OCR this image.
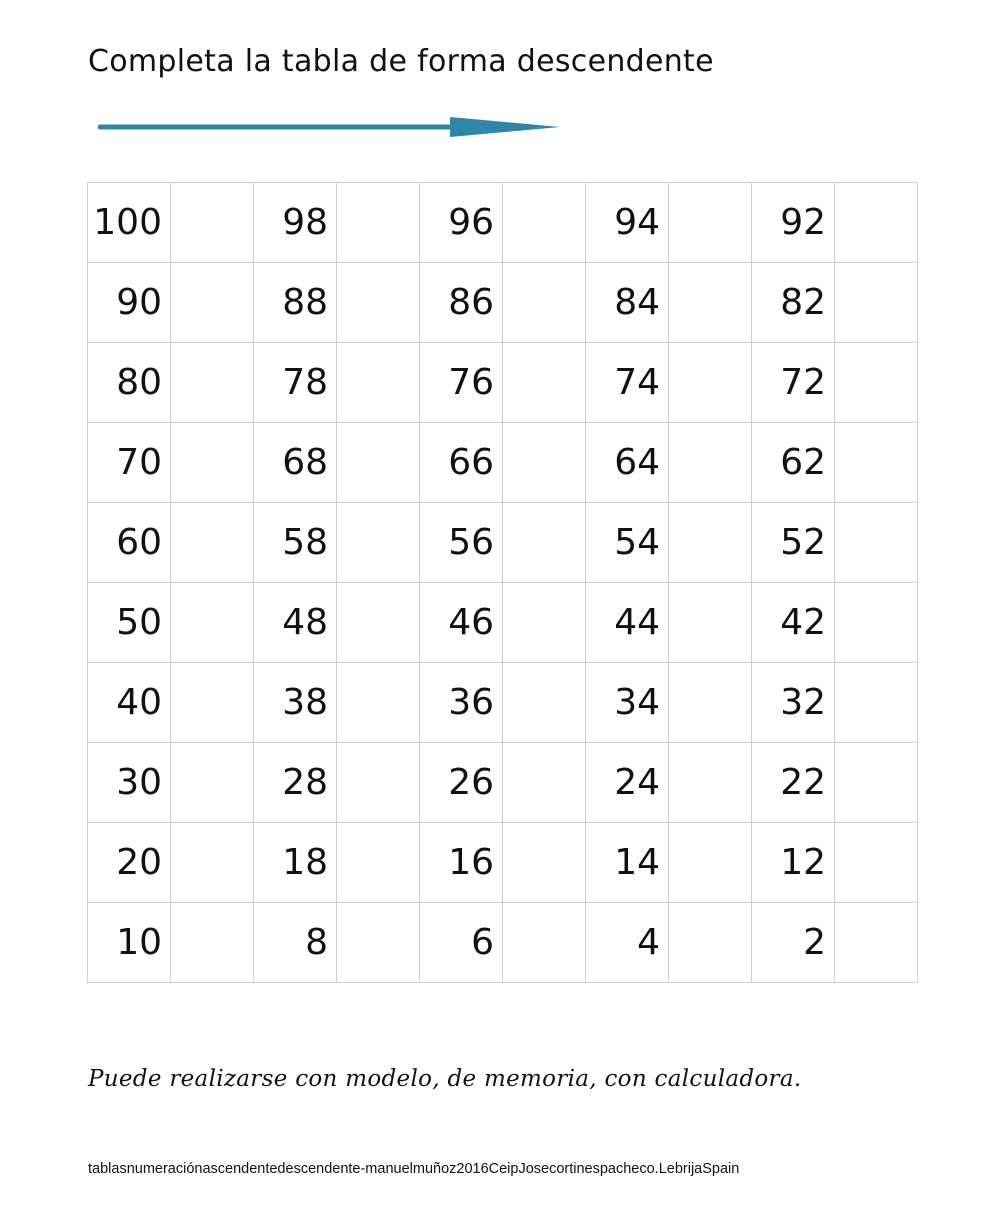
Completa la tabla de forma descendente
100		98		96		94		92	
90		88		86		84		82	
80		78		76		74		72	
70		68		66		64		62	
60		58		56		54		52	
50		48		46		44		42	
40		38		36		34		32	
30		28		26		24		22	
20		18		16		14		12	
10		8		6		4		2	
Puede realizarse con modelo, de memoria, con calculadora.
tablasnumeraciónascendentedescendente-manuelmuñoz2016CeipJosecortinespacheco.LebrijaSpain
